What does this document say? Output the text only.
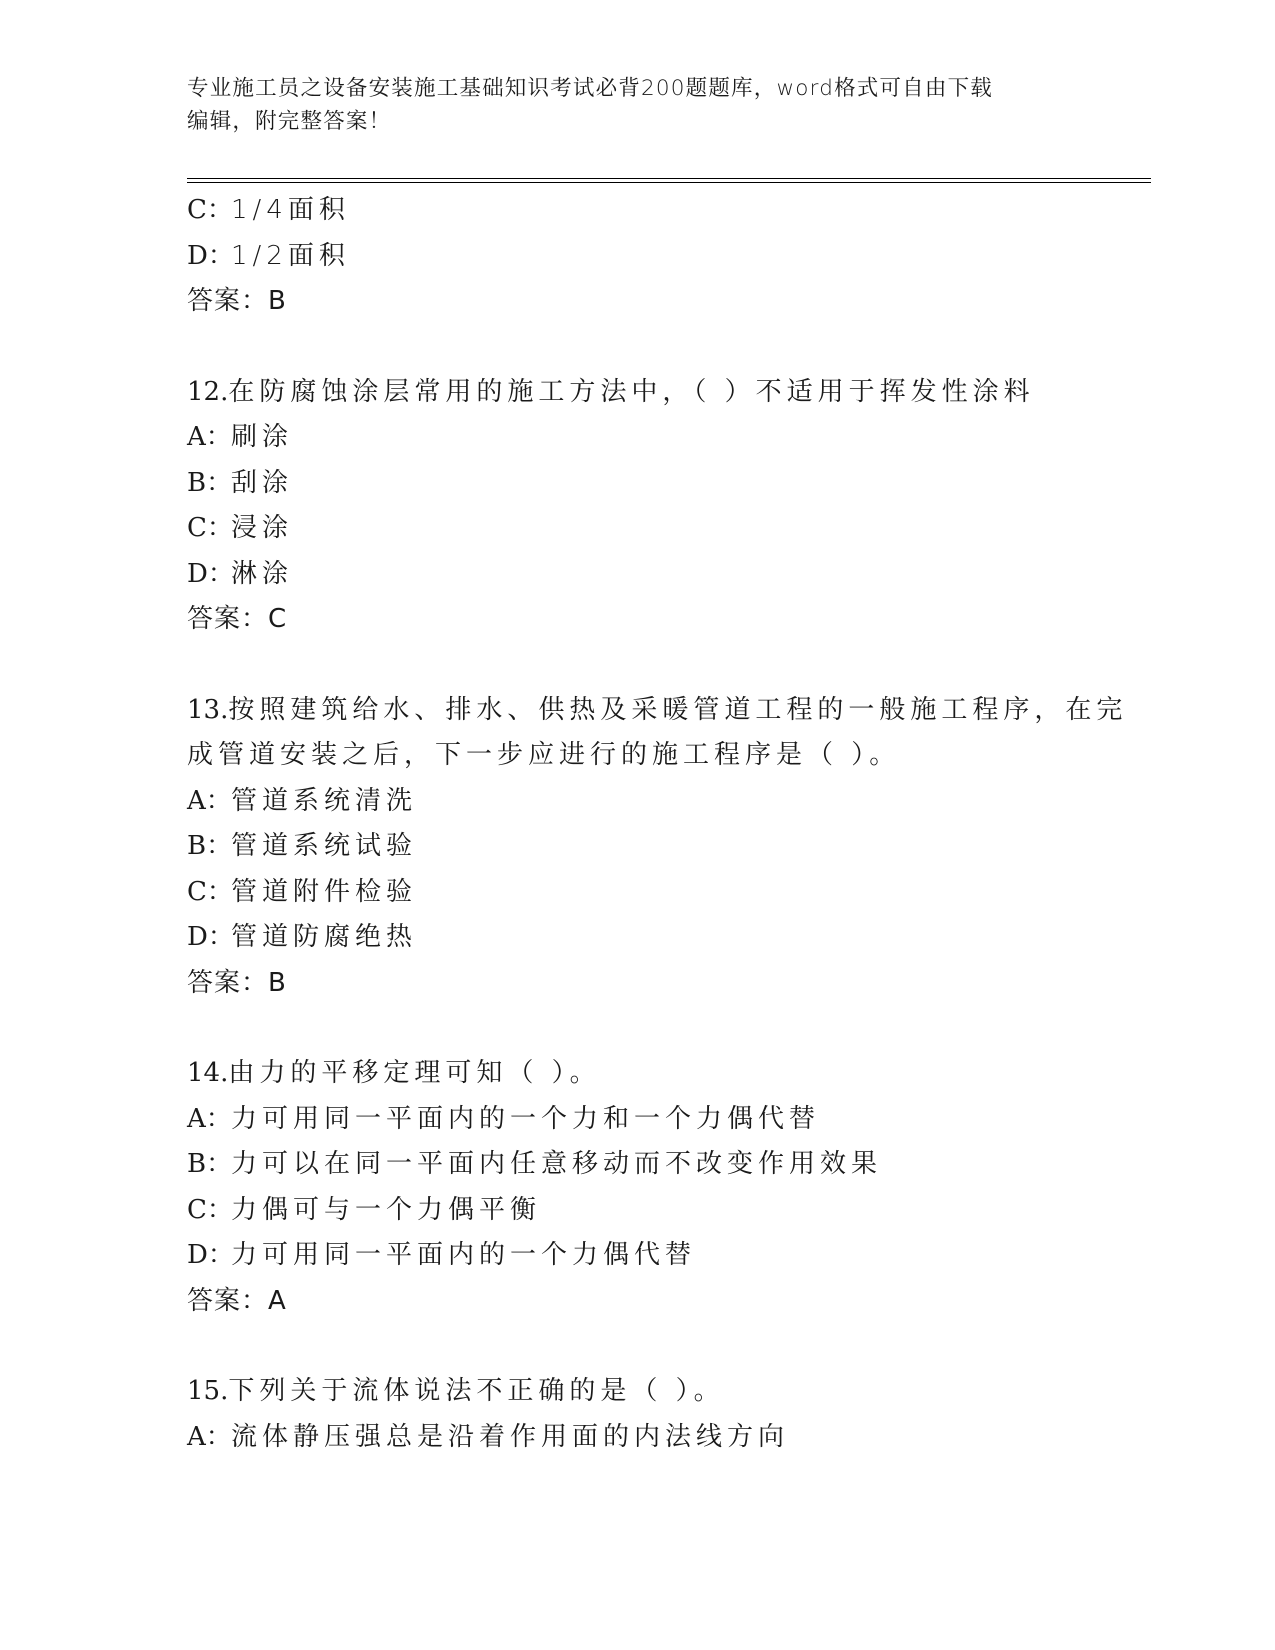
专业施工员之设备安装施工基础知识考试必背200题题库，word格式可自由下载
编辑，附完整答案！
C：1/4面积
D：1/2面积
答案：B
12.在防腐蚀涂层常用的施工方法中，（ ）不适用于挥发性涂料
A：刷涂
B：刮涂
C：浸涂
D：淋涂
答案：C
13.按照建筑给水、排水、供热及采暖管道工程的一般施工程序，在完
成管道安装之后，下一步应进行的施工程序是（ ）。
A：管道系统清洗
B：管道系统试验
C：管道附件检验
D：管道防腐绝热
答案：B
14.由力的平移定理可知（ ）。
A：力可用同一平面内的一个力和一个力偶代替
B：力可以在同一平面内任意移动而不改变作用效果
C：力偶可与一个力偶平衡
D：力可用同一平面内的一个力偶代替
答案：A
15.下列关于流体说法不正确的是（ ）。
A：流体静压强总是沿着作用面的内法线方向
